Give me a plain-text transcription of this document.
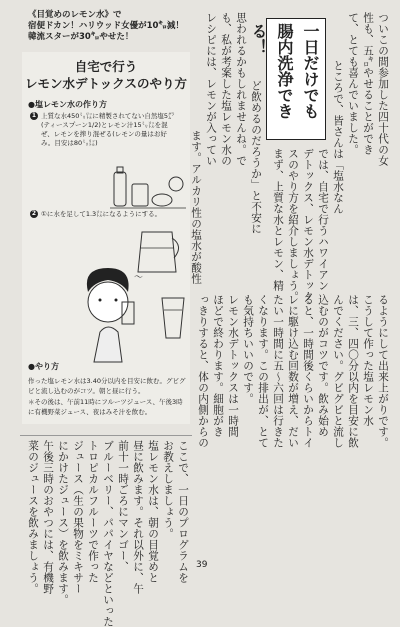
《目覚めのレモン水》で
宿便ドカン！ハリウッド女優が10㌔減！
韓流スターが30㌔やせた！
自宅で行う
レモン水デトックスのやり方
●塩レモン水の作り方
1 上質な水450㍉㍑に精製されてない自然塩5㌘(ティースプーン1/2)とレモン汁15㍉㍑を混ぜ、レモンを搾り混ぜる(レモンの量はお好み。目安は80㍉㍑)
2 ①に水を足して1.3㍑になるようにする。
〜
●やり方
作った塩レモン水は3.40分以内を目安に飲む。グビグビと流し込むのがコツ。朝と昼に行う。
＊その後は、午前11時にフルーツジュース、午後3時に有機野菜ジュース、夜はみそ汁を飲む。
一日だけでも
腸内洗浄できる！	ついこの間参加した四十代の女
性も、五㌔やせることができ
て、とても喜んでいました。
ところで、皆さんは「塩水なん
ど飲めるのだろうか」と不安に
思われるかもしれませんね。で
も、私が考案した塩レモン水の
レシピには、レモンが入ってい
ます。アルカリ性の塩水が酸性	では、自宅で行うハワイアン
デトックス、レモン水デトック
スのやり方を紹介しましょう。
まず、上質な水とレモン、精
るようにして出来上がりです。
こうして作った塩レモン水
は、三、四〇分以内を目安に飲
んでください。グビグビと流し
込むのがコツです。飲み始め
ると、一時間後くらいからトイ
レに駆け込む回数が増え、だい
たい一時間に五～六回は行きた
くなります。この排出が、とて
も気持ちいいのです。
レモン水デトックスは一時間
ほどで終わります。細胞がき
っきりすると、体の内側からの
ここで、一日のプログラムを
お教えしましょう。
塩レモン水は、朝の目覚めと
昼に飲みます。それ以外に、午
前十一時ごろにマンゴー、
ブルーベリー、パパイヤなどといった
トロピカルフルーツで作った
ジュース（生の果物をミキサー
にかけたジュース）を飲みます。
午後三時のおやつには、有機野
菜のジュースを飲みましょう。	39
